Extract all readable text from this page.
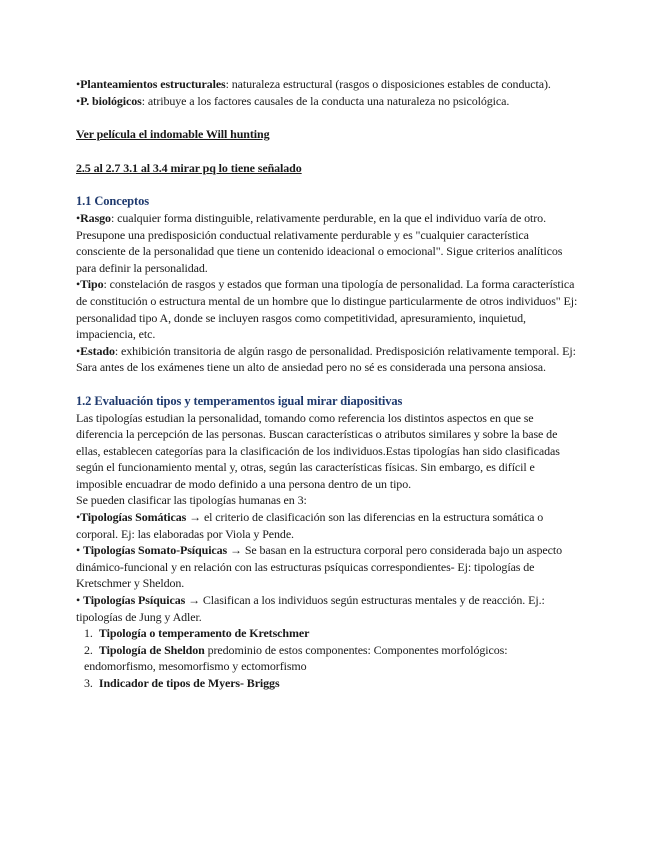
•Planteamientos estructurales: naturaleza estructural (rasgos o disposiciones estables de conducta).

•P. biológicos: atribuye a los factores causales de la conducta una naturaleza no psicológica.

Ver película el indomable Will hunting

2.5 al 2.7 3.1 al 3.4 mirar pq lo tiene señalado

1.1 Conceptos

•Rasgo: cualquier forma distinguible, relativamente perdurable, en la que el individuo varía de otro.

Presupone una predisposición conductual relativamente perdurable y es "cualquier característica consciente de la personalidad que tiene un contenido ideacional o emocional". Sigue criterios analíticos para definir la personalidad.

•Tipo: constelación de rasgos y estados que forman una tipología de personalidad. La forma característica de constitución o estructura mental de un hombre que lo distingue particularmente de otros individuos" Ej: personalidad tipo A, donde se incluyen rasgos como competitividad, apresuramiento, inquietud, impaciencia, etc.

•Estado: exhibición transitoria de algún rasgo de personalidad. Predisposición relativamente temporal. Ej: Sara antes de los exámenes tiene un alto de ansiedad pero no sé es considerada una persona ansiosa.

1.2 Evaluación tipos y temperamentos igual mirar diapositivas

Las tipologías estudian la personalidad, tomando como referencia los distintos aspectos en que se diferencia la percepción de las personas. Buscan características o atributos similares y sobre la base de ellas, establecen categorías para la clasificación de los individuos.Estas tipologías han sido clasificadas según el funcionamiento mental y, otras, según las características físicas. Sin embargo, es difícil e imposible encuadrar de modo definido a una persona dentro de un tipo.

Se pueden clasificar las tipologías humanas en 3:

•Tipologías Somáticas → el criterio de clasificación son las diferencias en la estructura somática o corporal. Ej: las elaboradas por Viola y Pende.

• Tipologías Somato-Psíquicas → Se basan en la estructura corporal pero considerada bajo un aspecto dinámico-funcional y en relación con las estructuras psíquicas correspondientes- Ej: tipologías de Kretschmer y Sheldon.

• Tipologías Psíquicas → Clasifican a los individuos según estructuras mentales y de reacción. Ej.: tipologías de Jung y Adler.

1. Tipología o temperamento de Kretschmer
2. Tipología de Sheldon predominio de estos componentes: Componentes morfológicos: endomorfismo, mesomorfismo y ectomorfismo
3. Indicador de tipos de Myers- Briggs
